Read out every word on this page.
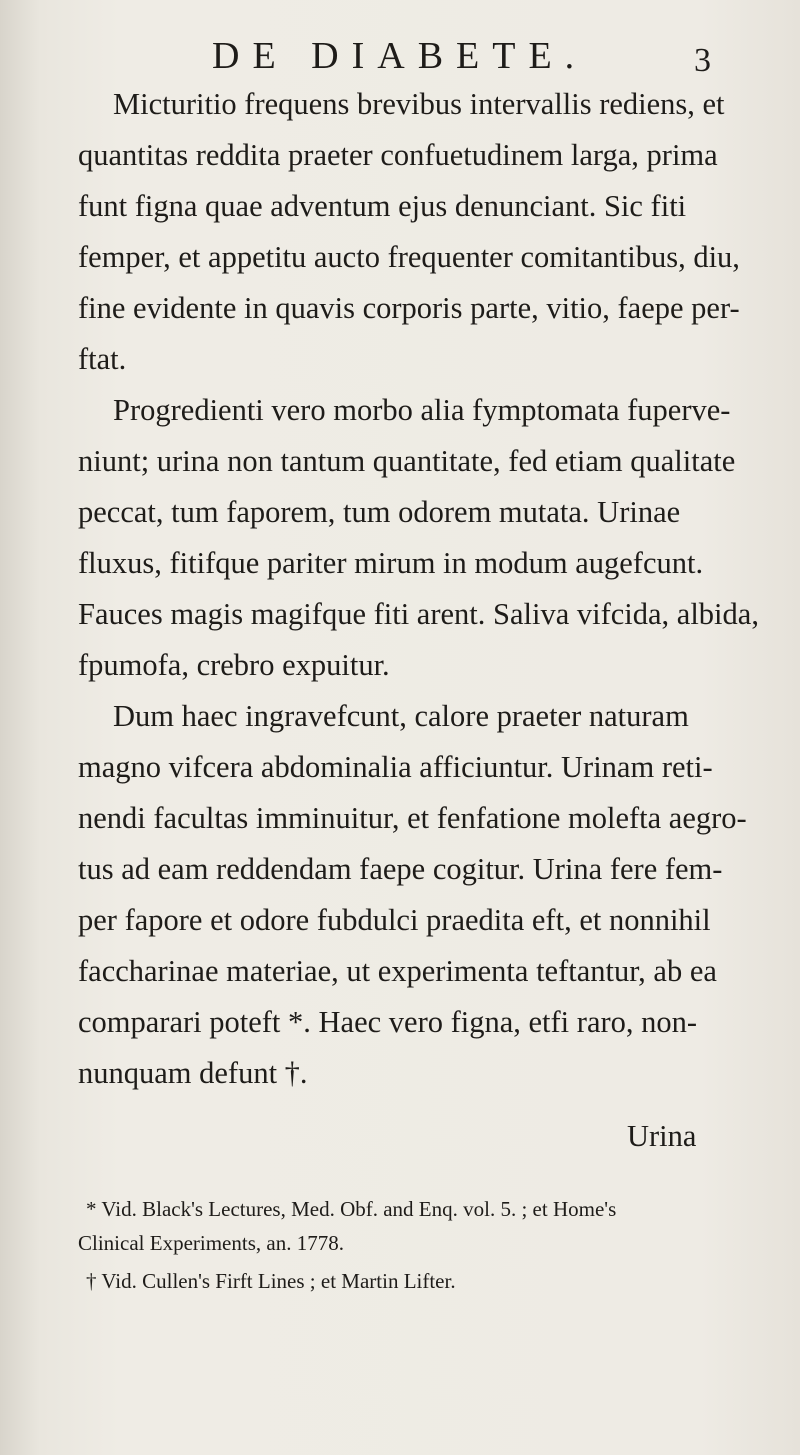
DE DIABETE.	3
Micturitio frequens brevibus intervallis rediens, et
quantitas reddita praeter confuetudinem larga, prima
funt figna quae adventum ejus denunciant. Sic fiti
femper, et appetitu aucto frequenter comitantibus, diu,
fine evidente in quavis corporis parte, vitio, faepe per-
ftat.
Progredienti vero morbo alia fymptomata fuperve-
niunt; urina non tantum quantitate, fed etiam qualitate
peccat, tum faporem, tum odorem mutata. Urinae
fluxus, fitifque pariter mirum in modum augefcunt.
Fauces magis magifque fiti arent. Saliva vifcida, albida,
fpumofa, crebro expuitur.
Dum haec ingravefcunt, calore praeter naturam
magno vifcera abdominalia afficiuntur. Urinam reti-
nendi facultas imminuitur, et fenfatione molefta aegro-
tus ad eam reddendam faepe cogitur. Urina fere fem-
per fapore et odore fubdulci praedita eft, et nonnihil
faccharinae materiae, ut experimenta teftantur, ab ea
comparari poteft *. Haec vero figna, etfi raro, non-
nunquam defunt †.
Urina
* Vid. Black's Lectures, Med. Obf. and Enq. vol. 5. ; et Home's
Clinical Experiments, an. 1778.
† Vid. Cullen's Firft Lines ; et Martin Lifter.
